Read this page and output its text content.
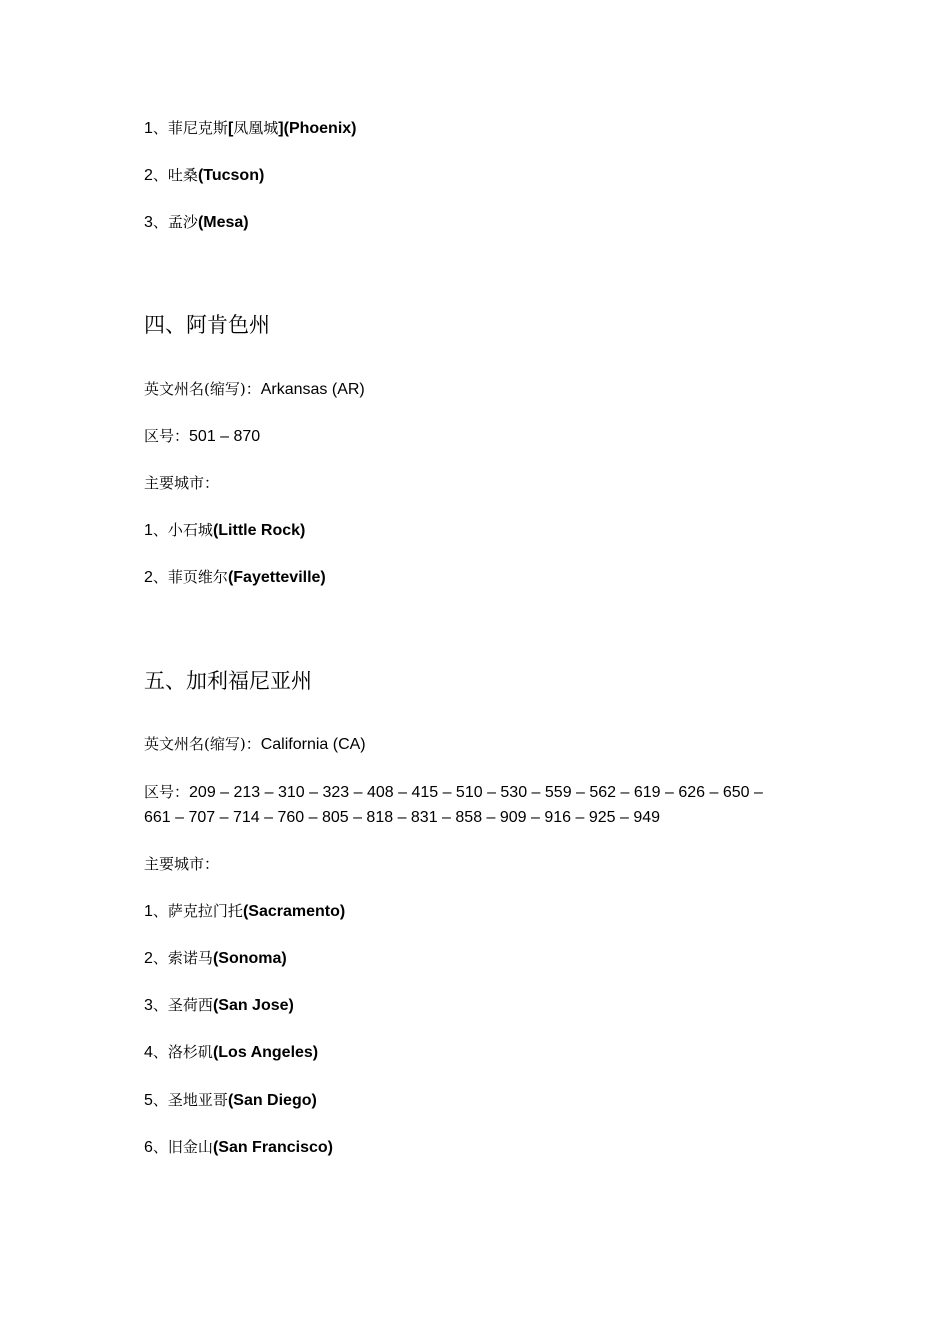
1、菲尼克斯[凤凰城](Phoenix)
2、吐桑(Tucson)
3、孟沙(Mesa)
四、阿肯色州
英文州名(缩写)：Arkansas (AR)
区号：501 – 870
主要城市：
1、小石城(Little Rock)
2、菲页维尔(Fayetteville)
五、加利福尼亚州
英文州名(缩写)：California (CA)
区号：209 – 213 – 310 – 323 – 408 – 415 – 510 – 530 – 559 – 562 – 619 – 626 – 650 –
661 – 707 – 714 – 760 – 805 – 818 – 831 – 858 – 909 – 916 – 925 – 949
主要城市：
1、萨克拉门托(Sacramento)
2、索诺马(Sonoma)
3、圣荷西(San Jose)
4、洛杉矶(Los Angeles)
5、圣地亚哥(San Diego)
6、旧金山(San Francisco)
